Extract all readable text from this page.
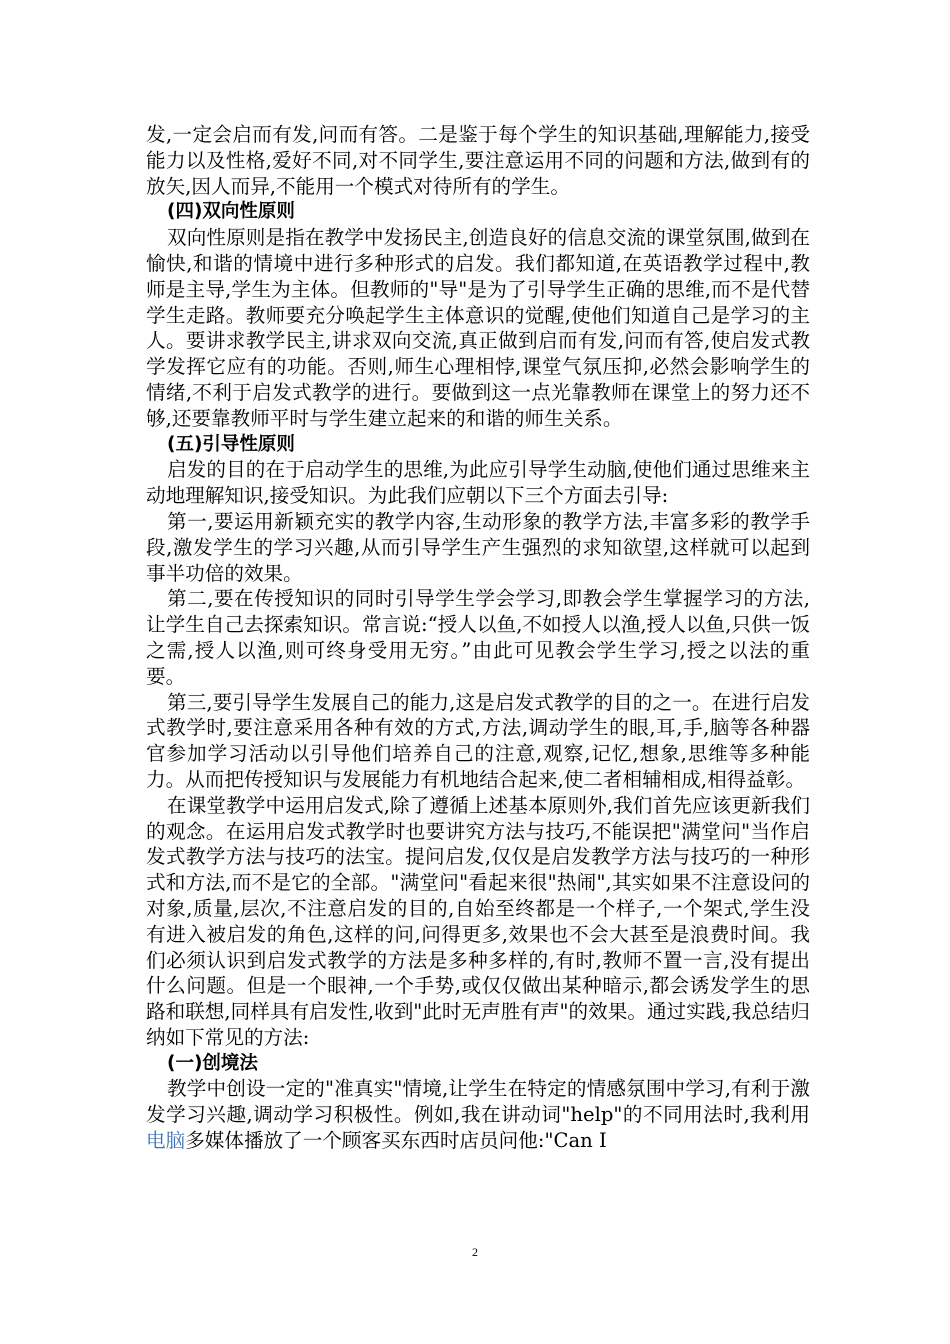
发,一定会启而有发,问而有答。二是鉴于每个学生的知识基础,理解能力,接受能力以及性格,爱好不同,对不同学生,要注意运用不同的问题和方法,做到有的放矢,因人而异,不能用一个模式对待所有的学生。

(四)双向性原则

双向性原则是指在教学中发扬民主,创造良好的信息交流的课堂氛围,做到在愉快,和谐的情境中进行多种形式的启发。我们都知道,在英语教学过程中,教师是主导,学生为主体。但教师的"导"是为了引导学生正确的思维,而不是代替学生走路。教师要充分唤起学生主体意识的觉醒,使他们知道自己是学习的主人。要讲求教学民主,讲求双向交流,真正做到启而有发,问而有答,使启发式教学发挥它应有的功能。否则,师生心理相悖,课堂气氛压抑,必然会影响学生的情绪,不利于启发式教学的进行。要做到这一点光靠教师在课堂上的努力还不够,还要靠教师平时与学生建立起来的和谐的师生关系。

(五)引导性原则

启发的目的在于启动学生的思维,为此应引导学生动脑,使他们通过思维来主动地理解知识,接受知识。为此我们应朝以下三个方面去引导:

第一,要运用新颖充实的教学内容,生动形象的教学方法,丰富多彩的教学手段,激发学生的学习兴趣,从而引导学生产生强烈的求知欲望,这样就可以起到事半功倍的效果。

第二,要在传授知识的同时引导学生学会学习,即教会学生掌握学习的方法,让学生自己去探索知识。常言说:“授人以鱼,不如授人以渔,授人以鱼,只供一饭之需,授人以渔,则可终身受用无穷。”由此可见教会学生学习,授之以法的重要。

第三,要引导学生发展自己的能力,这是启发式教学的目的之一。在进行启发式教学时,要注意采用各种有效的方式,方法,调动学生的眼,耳,手,脑等各种器官参加学习活动以引导他们培养自己的注意,观察,记忆,想象,思维等多种能力。从而把传授知识与发展能力有机地结合起来,使二者相辅相成,相得益彰。

在课堂教学中运用启发式,除了遵循上述基本原则外,我们首先应该更新我们的观念。在运用启发式教学时也要讲究方法与技巧,不能误把"满堂问"当作启发式教学方法与技巧的法宝。提问启发,仅仅是启发教学方法与技巧的一种形式和方法,而不是它的全部。"满堂问"看起来很"热闹",其实如果不注意设问的对象,质量,层次,不注意启发的目的,自始至终都是一个样子,一个架式,学生没有进入被启发的角色,这样的问,问得更多,效果也不会大甚至是浪费时间。我们必须认识到启发式教学的方法是多种多样的,有时,教师不置一言,没有提出什么问题。但是一个眼神,一个手势,或仅仅做出某种暗示,都会诱发学生的思路和联想,同样具有启发性,收到"此时无声胜有声"的效果。通过实践,我总结归纳如下常见的方法:

(一)创境法

教学中创设一定的"准真实"情境,让学生在特定的情感氛围中学习,有利于激发学习兴趣,调动学习积极性。例如,我在讲动词"help"的不同用法时,我利用电脑多媒体播放了一个顾客买东西时店员问他:"Can I

2
